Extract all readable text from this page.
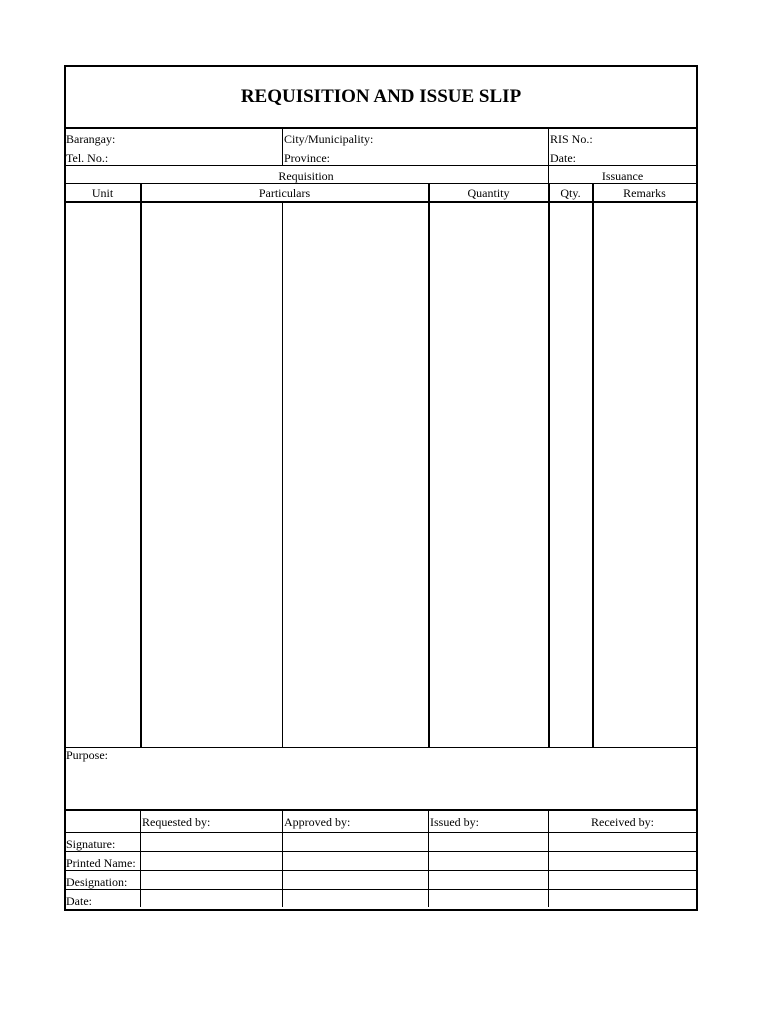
REQUISITION AND ISSUE SLIP
Barangay:	City/Municipality:	RIS No.:
Tel. No.:	Province:	Date:
Requisition	Issuance
Unit	Particulars	Quantity	Qty.	Remarks
Purpose:
Requested by:	Approved by:	Issued by:	Received by:
Signature:
Printed Name:
Designation:
Date:
